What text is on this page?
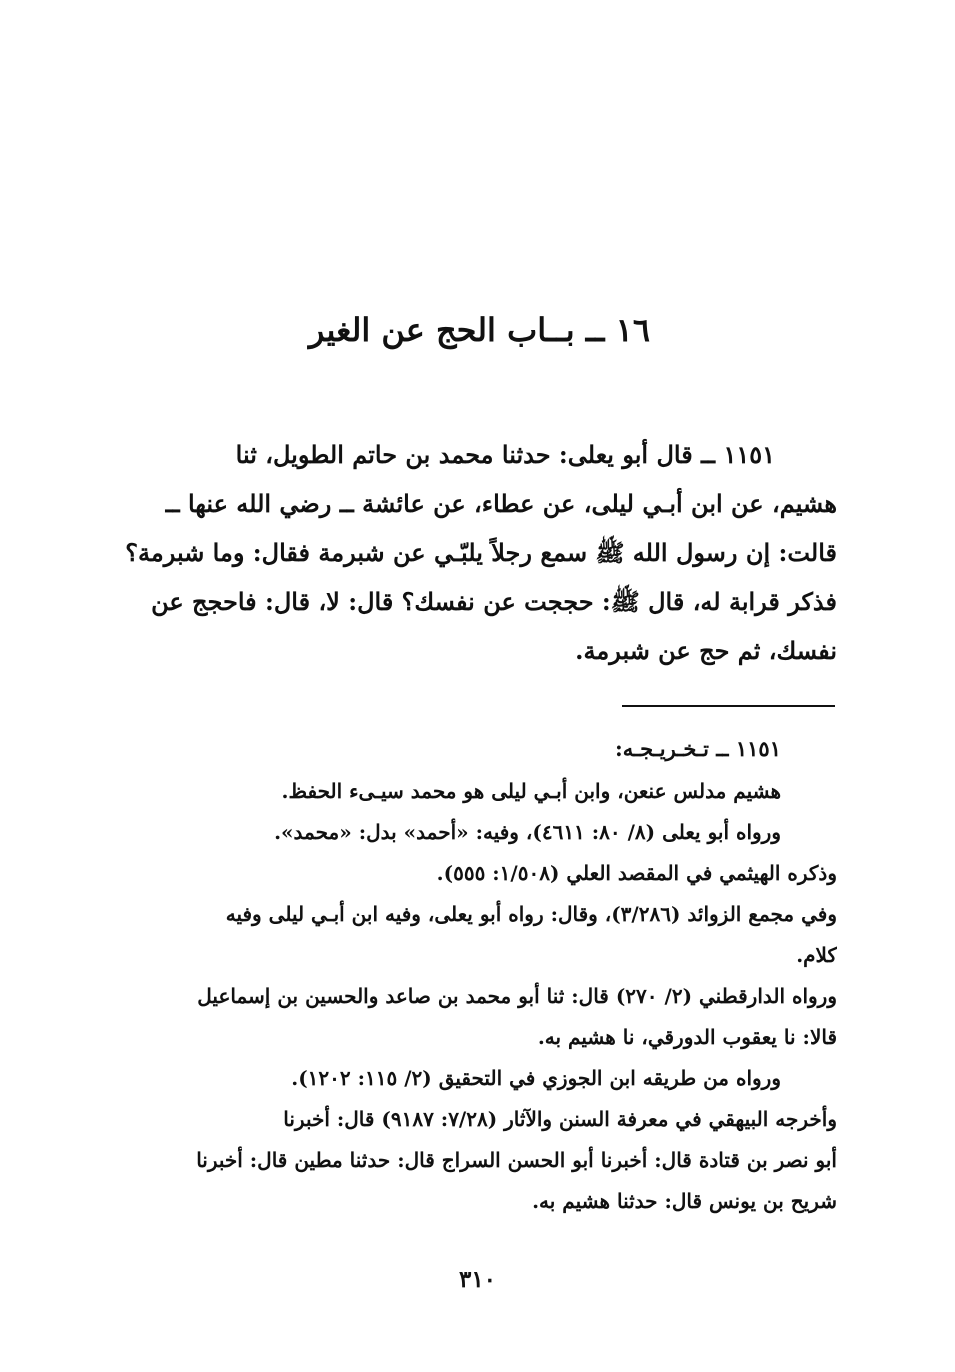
١٦ ــ بــاب الحج عن الغير
١١٥١ ــ قال أبو يعلى: حدثنا محمد بن حاتم الطويل، ثنا
هشيم، عن ابن أبـي ليلى، عن عطاء، عن عائشة ــ رضي الله عنها ــ
قالت: إن رسول الله ﷺ سمع رجلاً يلبّـي عن شبرمة فقال: وما شبرمة؟
فذكر قرابة له، قال ﷺ: حججت عن نفسك؟ قال: لا، قال: فاحجج عن
نفسك، ثم حج عن شبرمة.
١١٥١ ــ تـخـريـجـه:
هشيم مدلس عنعن، وابن أبـي ليلى هو محمد سيـىء الحفظ.
ورواه أبو يعلى (٨/ ٨٠: ٤٦١١)، وفيه: «أحمد» بدل: «محمد».
وذكره الهيثمي في المقصد العلي (١/٥٠٨: ٥٥٥).
وفي مجمع الزوائد (٣/٢٨٦)، وقال: رواه أبو يعلى، وفيه ابن أبـي ليلى وفيه
كلام.
ورواه الدارقطني (٢/ ٢٧٠) قال: ثنا أبو محمد بن صاعد والحسين بن إسماعيل
قالا: نا يعقوب الدورقي، نا هشيم به.
ورواه من طريقه ابن الجوزي في التحقيق (٢/ ١١٥: ١٢٠٢).
وأخرجه البيهقي في معرفة السنن والآثار (٧/٢٨: ٩١٨٧) قال: أخبرنا
أبو نصر بن قتادة قال: أخبرنا أبو الحسن السراج قال: حدثنا مطين قال: أخبرنا
شريح بن يونس قال: حدثنا هشيم به.
٣١٠
